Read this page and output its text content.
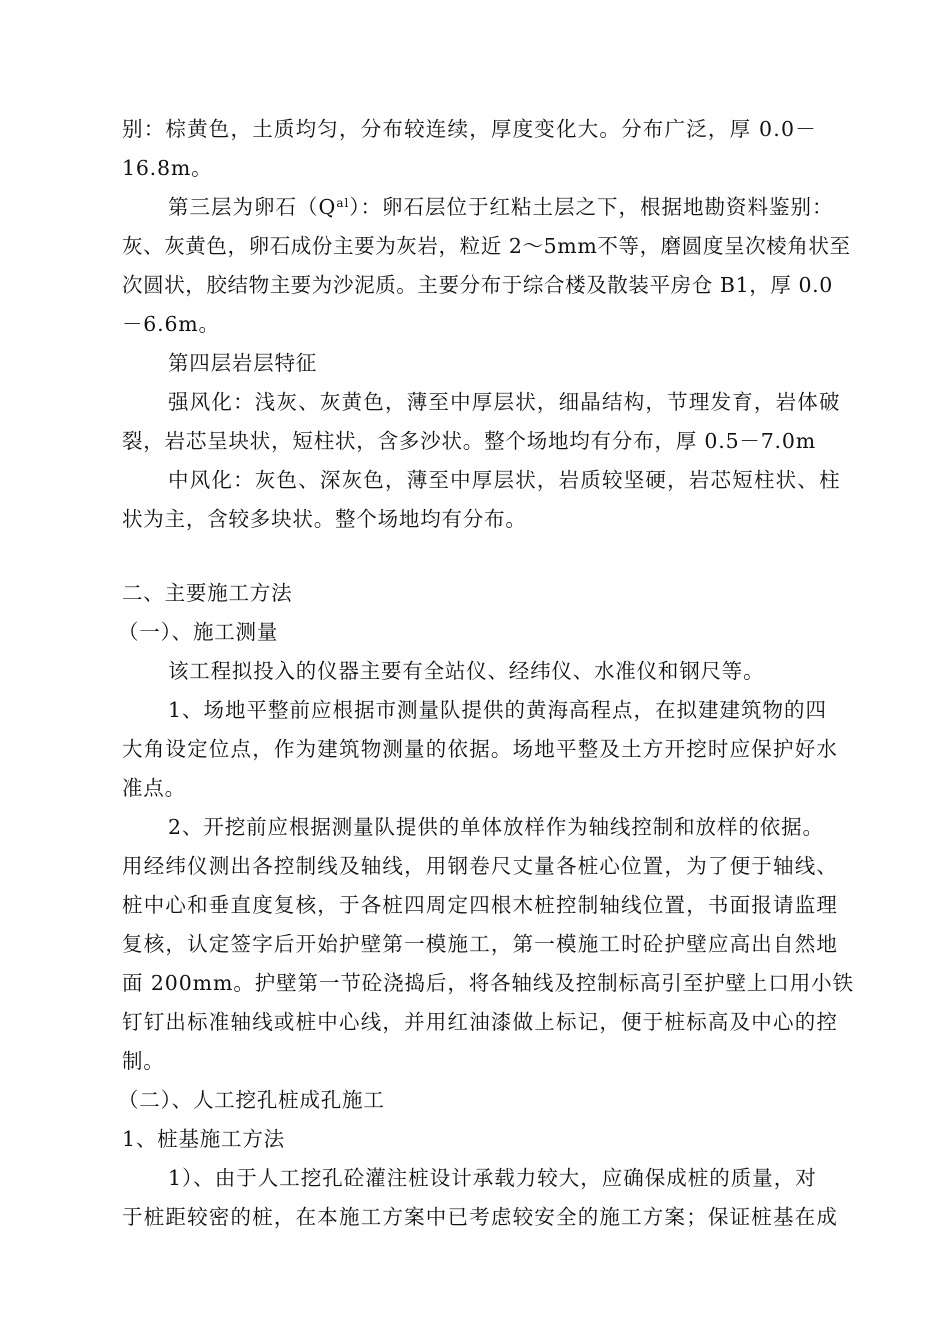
别：棕黄色，土质均匀，分布较连续，厚度变化大。分布广泛，厚 0.0－
16.8m。
第三层为卵石$(Q^{al})$：卵石层位于红粘土层之下，根据地勘资料鉴别：
灰、灰黄色，卵石成份主要为灰岩，粒近 2～5mm不等，磨圆度呈次棱角状至
次圆状，胶结物主要为沙泥质。主要分布于综合楼及散装平房仓 B1，厚 0.0
－6.6m。
第四层岩层特征
强风化：浅灰、灰黄色，薄至中厚层状，细晶结构，节理发育，岩体破
裂，岩芯呈块状，短柱状，含多沙状。整个场地均有分布，厚 0.5－7.0m
中风化：灰色、深灰色，薄至中厚层状，岩质较坚硬，岩芯短柱状、柱
状为主，含较多块状。整个场地均有分布。
二、主要施工方法
（一）、施工测量
该工程拟投入的仪器主要有全站仪、经纬仪、水准仪和钢尺等。
1、场地平整前应根据市测量队提供的黄海高程点，在拟建建筑物的四
大角设定位点，作为建筑物测量的依据。场地平整及土方开挖时应保护好水
准点。
2、开挖前应根据测量队提供的单体放样作为轴线控制和放样的依据。
用经纬仪测出各控制线及轴线，用钢卷尺丈量各桩心位置，为了便于轴线、
桩中心和垂直度复核，于各桩四周定四根木桩控制轴线位置，书面报请监理
复核，认定签字后开始护壁第一模施工，第一模施工时砼护壁应高出自然地
面 200mm。护壁第一节砼浇捣后，将各轴线及控制标高引至护壁上口用小铁
钉钉出标准轴线或桩中心线，并用红油漆做上标记，便于桩标高及中心的控
制。
（二）、人工挖孔桩成孔施工
1、桩基施工方法
1）、由于人工挖孔砼灌注桩设计承载力较大，应确保成桩的质量，对
于桩距较密的桩，在本施工方案中已考虑较安全的施工方案；保证桩基在成
